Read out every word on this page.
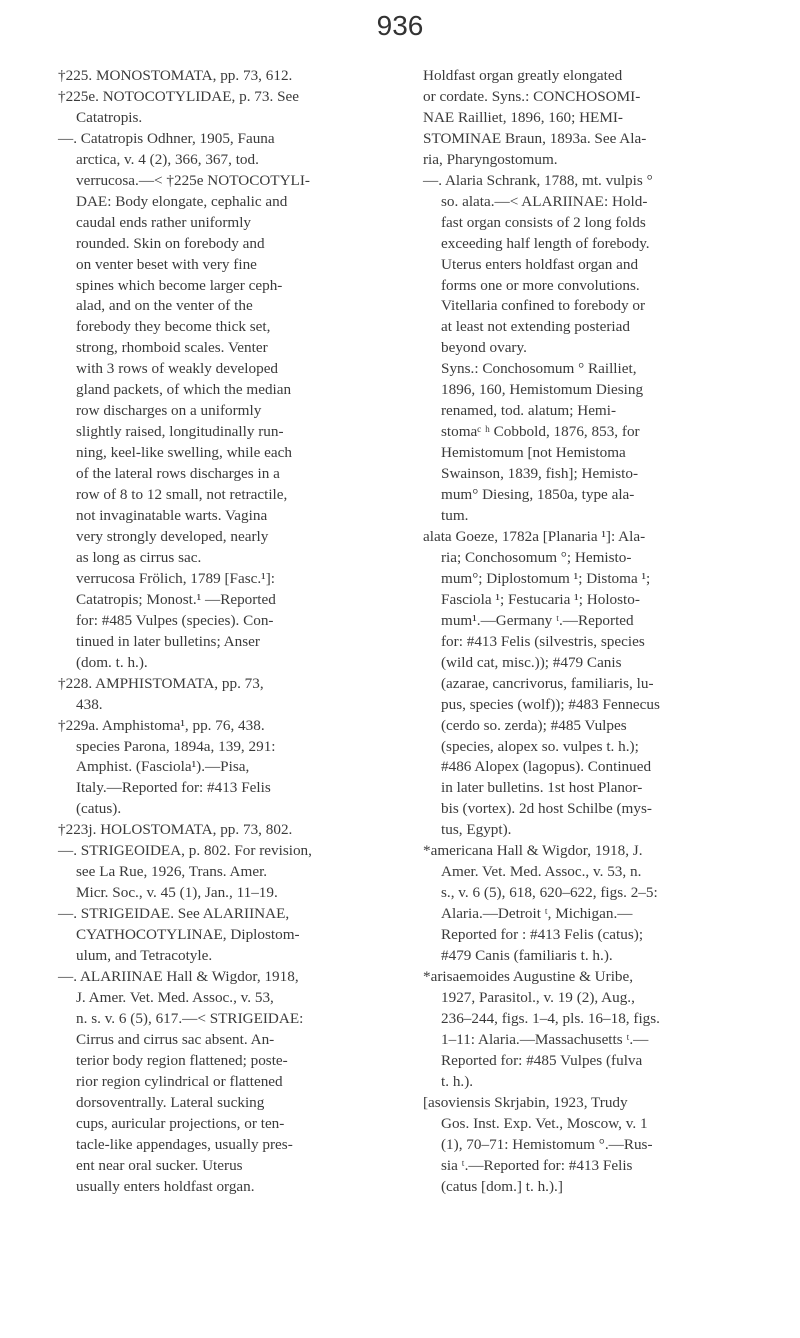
936
†225. MONOSTOMATA, pp. 73, 612.
†225e. NOTOCOTYLIDAE, p. 73. See
Catatropis.
—. Catatropis Odhner, 1905, Fauna
arctica, v. 4 (2), 366, 367, tod.
verrucosa.—< †225e NOTOCOTYLI-
DAE: Body elongate, cephalic and
caudal ends rather uniformly
rounded. Skin on forebody and
on venter beset with very fine
spines which become larger ceph-
alad, and on the venter of the
forebody they become thick set,
strong, rhomboid scales. Venter
with 3 rows of weakly developed
gland packets, of which the median
row discharges on a uniformly
slightly raised, longitudinally run-
ning, keel-like swelling, while each
of the lateral rows discharges in a
row of 8 to 12 small, not retractile,
not invaginatable warts. Vagina
very strongly developed, nearly
as long as cirrus sac.
verrucosa Frölich, 1789 [Fasc.¹]:
Catatropis; Monost.¹ —Reported
for: #485 Vulpes (species). Con-
tinued in later bulletins; Anser
(dom. t. h.).
†228. AMPHISTOMATA, pp. 73,
438.
†229a. Amphistoma¹, pp. 76, 438.
species Parona, 1894a, 139, 291:
Amphist. (Fasciola¹).—Pisa,
Italy.—Reported for: #413 Felis
(catus).
†223j. HOLOSTOMATA, pp. 73, 802.
—. STRIGEOIDEA, p. 802. For revision,
see La Rue, 1926, Trans. Amer.
Micr. Soc., v. 45 (1), Jan., 11–19.
—. STRIGEIDAE. See ALARIINAE,
CYATHOCOTYLINAE, Diplostom-
ulum, and Tetracotyle.
—. ALARIINAE Hall & Wigdor, 1918,
J. Amer. Vet. Med. Assoc., v. 53,
n. s. v. 6 (5), 617.—< STRIGEIDAE:
Cirrus and cirrus sac absent. An-
terior body region flattened; poste-
rior region cylindrical or flattened
dorsoventrally. Lateral sucking
cups, auricular projections, or ten-
tacle-like appendages, usually pres-
ent near oral sucker. Uterus
usually enters holdfast organ.
Holdfast organ greatly elongated
or cordate. Syns.: CONCHOSOMI-
NAE Railliet, 1896, 160; HEMI-
STOMINAE Braun, 1893a. See Ala-
ria, Pharyngostomum.
—. Alaria Schrank, 1788, mt. vulpis °
so. alata.—< ALARIINAE: Hold-
fast organ consists of 2 long folds
exceeding half length of forebody.
Uterus enters holdfast organ and
forms one or more convolutions.
Vitellaria confined to forebody or
at least not extending posteriad
beyond ovary.
Syns.: Conchosomum ° Railliet,
1896, 160, Hemistomum Diesing
renamed, tod. alatum; Hemi-
stomaᶜ ʰ Cobbold, 1876, 853, for
Hemistomum [not Hemistoma
Swainson, 1839, fish]; Hemisto-
mum° Diesing, 1850a, type ala-
tum.
alata Goeze, 1782a [Planaria ¹]: Ala-
ria; Conchosomum °; Hemisto-
mum°; Diplostomum ¹; Distoma ¹;
Fasciola ¹; Festucaria ¹; Holosto-
mum¹.—Germany ᵗ.—Reported
for: #413 Felis (silvestris, species
(wild cat, misc.)); #479 Canis
(azarae, cancrivorus, familiaris, lu-
pus, species (wolf)); #483 Fennecus
(cerdo so. zerda); #485 Vulpes
(species, alopex so. vulpes t. h.);
#486 Alopex (lagopus). Continued
in later bulletins. 1st host Planor-
bis (vortex). 2d host Schilbe (mys-
tus, Egypt).
*americana Hall & Wigdor, 1918, J.
Amer. Vet. Med. Assoc., v. 53, n.
s., v. 6 (5), 618, 620–622, figs. 2–5:
Alaria.—Detroit ᵗ, Michigan.—
Reported for : #413 Felis (catus);
#479 Canis (familiaris t. h.).
*arisaemoides Augustine & Uribe,
1927, Parasitol., v. 19 (2), Aug.,
236–244, figs. 1–4, pls. 16–18, figs.
1–11: Alaria.—Massachusetts ᵗ.—
Reported for: #485 Vulpes (fulva
t. h.).
[asoviensis Skrjabin, 1923, Trudy
Gos. Inst. Exp. Vet., Moscow, v. 1
(1), 70–71: Hemistomum °.—Rus-
sia ᵗ.—Reported for: #413 Felis
(catus [dom.] t. h.).]
